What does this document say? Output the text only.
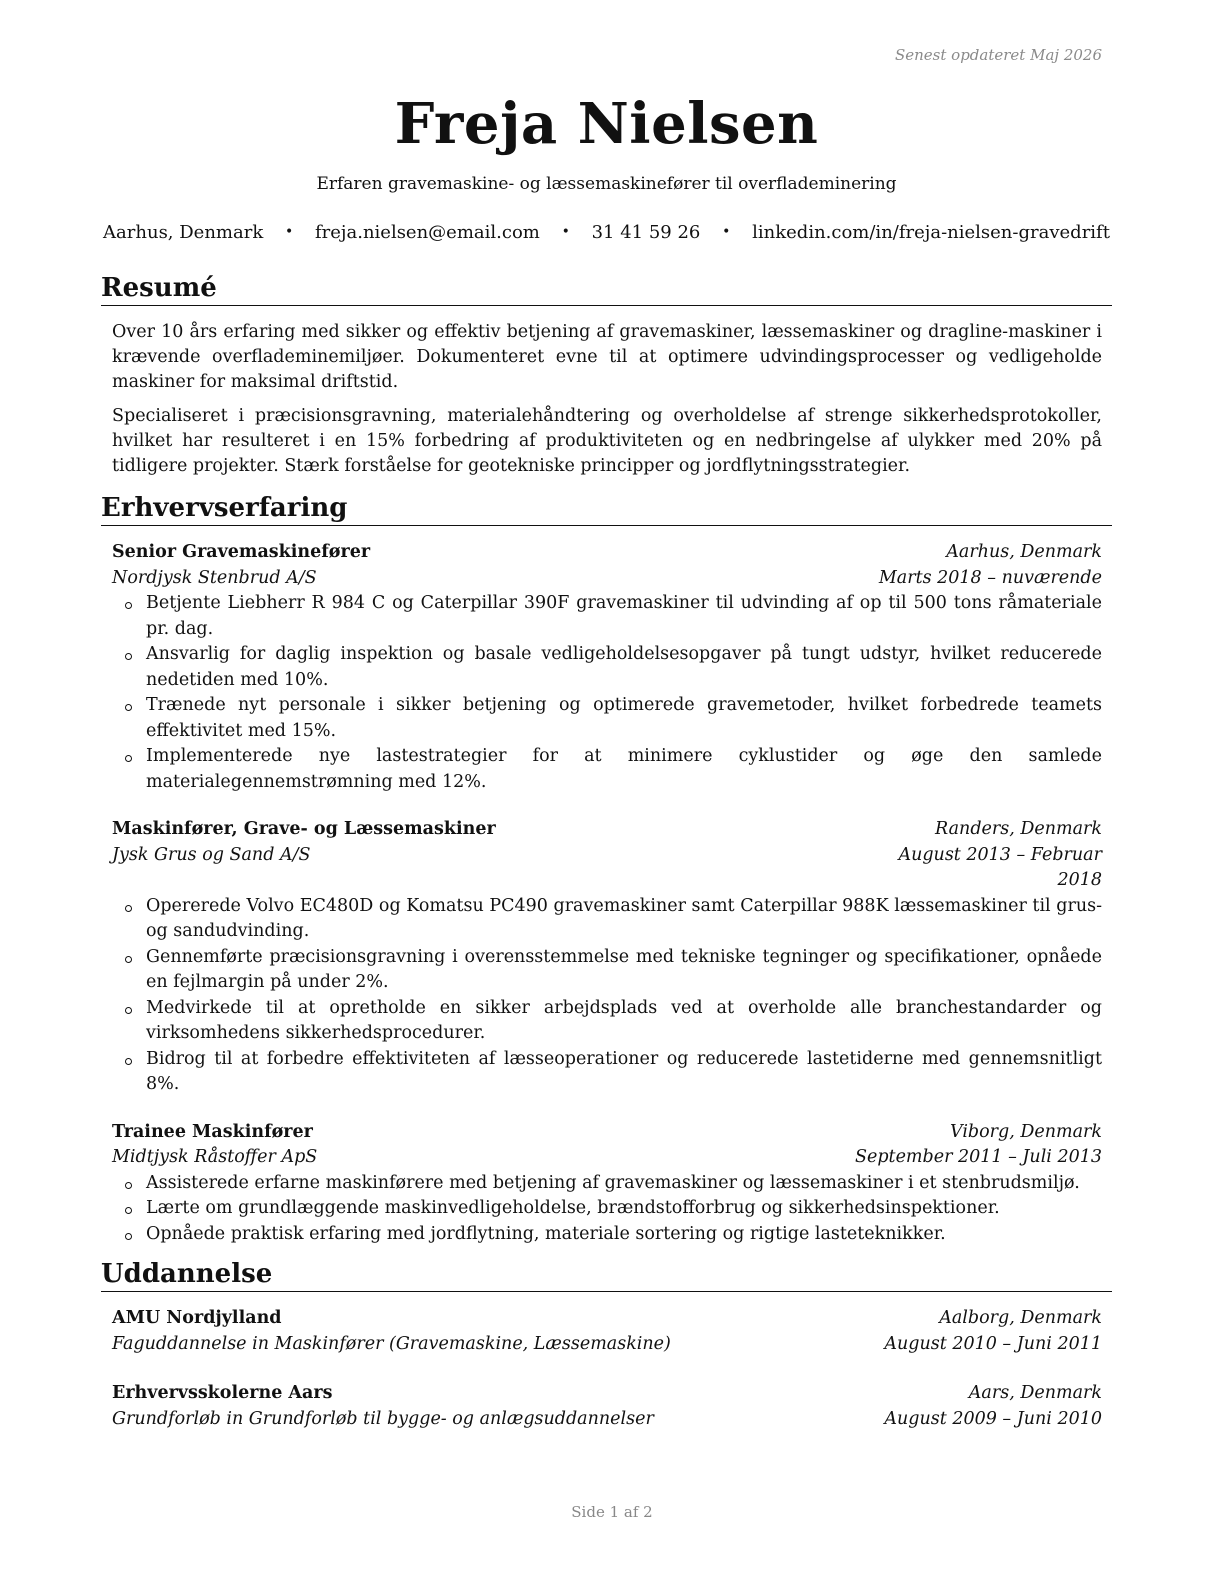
Senest opdateret Maj 2026
Freja Nielsen
Erfaren gravemaskine- og læssemaskinefører til overflademinering
Aarhus, Denmark • freja.nielsen@email.com • 31 41 59 26 • linkedin.com/in/freja-nielsen-gravedrift
Resumé

Over 10 års erfaring med sikker og effektiv betjening af gravemaskiner, læssemaskiner og dragline-maskiner i krævende overflademinemiljøer. Dokumenteret evne til at optimere udvindingsprocesser og vedligeholde maskiner for maksimal driftstid.

Specialiseret i præcisionsgravning, materialehåndtering og overholdelse af strenge sikkerhedsprotokoller, hvilket har resulteret i en 15% forbedring af produktiviteten og en nedbringelse af ulykker med 20% på tidligere projekter. Stærk forståelse for geotekniske principper og jordflytningsstrategier.

Erhvervserfaring
Senior Gravemaskinefører	Aarhus, Denmark
Nordjysk Stenbrud A/S	Marts 2018 – nuværende
Betjente Liebherr R 984 C og Caterpillar 390F gravemaskiner til udvinding af op til 500 tons råmateriale pr. dag.
Ansvarlig for daglig inspektion og basale vedligeholdelsesopgaver på tungt udstyr, hvilket reducerede nedetiden med 10%.
Trænede nyt personale i sikker betjening og optimerede gravemetoder, hvilket forbedrede teamets effektivitet med 15%.
Implementerede nye lastestrategier for at minimere cyklustider og øge den samlede materialegennemstrømning med 12%.
Maskinfører, Grave- og Læssemaskiner	Randers, Denmark
Jysk Grus og Sand A/S	August 2013 – Februar 2018
Opererede Volvo EC480D og Komatsu PC490 gravemaskiner samt Caterpillar 988K læssemaskiner til grus- og sandudvinding.
Gennemførte præcisionsgravning i overensstemmelse med tekniske tegninger og specifikationer, opnåede en fejlmargin på under 2%.
Medvirkede til at opretholde en sikker arbejdsplads ved at overholde alle branchestandarder og virksomhedens sikkerhedsprocedurer.
Bidrog til at forbedre effektiviteten af læsseoperationer og reducerede lastetiderne med gennemsnitligt 8%.
Trainee Maskinfører	Viborg, Denmark
Midtjysk Råstoffer ApS	September 2011 – Juli 2013
Assisterede erfarne maskinførere med betjening af gravemaskiner og læssemaskiner i et stenbrudsmiljø.
Lærte om grundlæggende maskinvedligeholdelse, brændstofforbrug og sikkerhedsinspektioner.
Opnåede praktisk erfaring med jordflytning, materiale sortering og rigtige lasteteknikker.
Uddannelse
AMU Nordjylland	Aalborg, Denmark
Faguddannelse in Maskinfører (Gravemaskine, Læssemaskine)	August 2010 – Juni 2011
Erhvervsskolerne Aars	Aars, Denmark
Grundforløb in Grundforløb til bygge- og anlægsuddannelser	August 2009 – Juni 2010
Side 1 af 2
